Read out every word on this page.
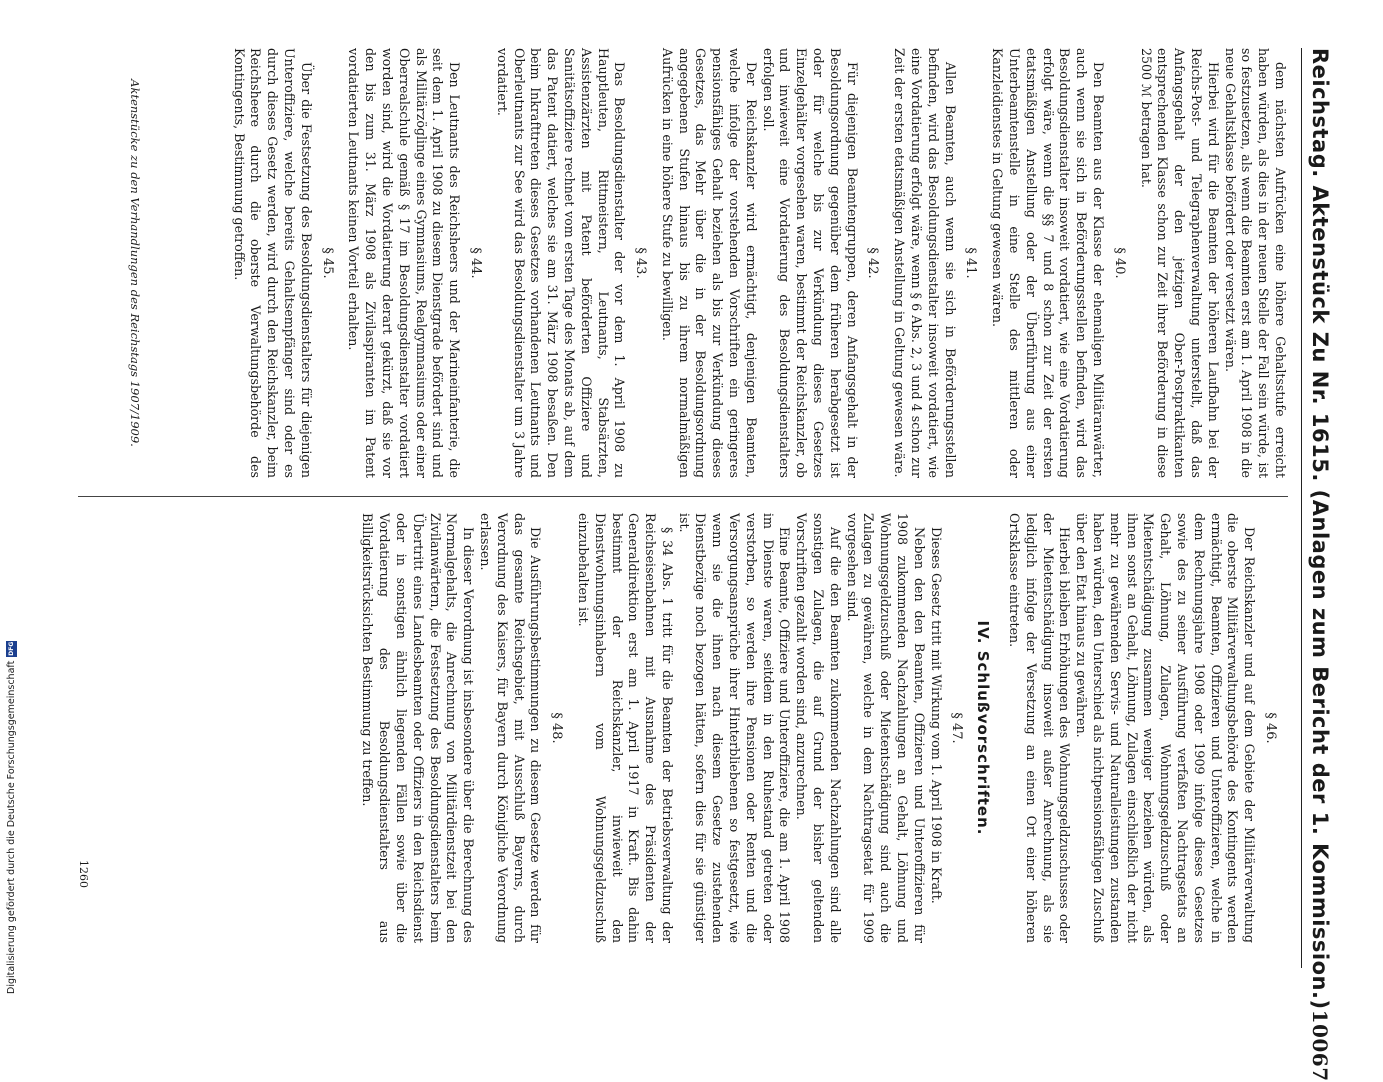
Reichstag. Aktenstück Zu Nr. 1615. (Anlagen zum Bericht der 1. Kommission.)
10067

dem nächsten Aufrücken eine höhere Gehaltsstufe erreicht haben würden, als dies in der neuen Stelle der Fall sein würde, ist so festzusetzen, als wenn die Beamten erst am 1. April 1908 in die neue Gehaltsklasse befördert oder versetzt wären.

Hierbei wird für die Beamten der höheren Laufbahn bei der Reichs-Post- und Telegraphenverwaltung unterstellt, daß das Anfangsgehalt der den jetzigen Ober-Postpraktikanten entsprechenden Klasse schon zur Zeit ihrer Beförderung in diese 2500 ℳ betragen hat.

§ 40.

Den Beamten aus der Klasse der ehemaligen Militäranwärter, auch wenn sie sich in Beförderungsstellen befinden, wird das Besoldungsdienstalter insoweit vordatiert, wie eine Vordatierung erfolgt wäre, wenn die §§ 7 und 8 schon zur Zeit der ersten etatsmäßigen Anstellung oder der Überführung aus einer Unterbeamtenstelle in eine Stelle des mittleren oder Kanzleidienstes in Geltung gewesen wären.

§ 41.

Allen Beamten, auch wenn sie sich in Beförderungsstellen befinden, wird das Besoldungsdienstalter insoweit vordatiert, wie eine Vordatierung erfolgt wäre, wenn § 6 Abs. 2, 3 und 4 schon zur Zeit der ersten etatsmäßigen Anstellung in Geltung gewesen wäre.

§ 42.

Für diejenigen Beamtengruppen, deren Anfangsgehalt in der Besoldungsordnung gegenüber dem früheren herabgesetzt ist oder für welche bis zur Verkündung dieses Gesetzes Einzelgehälter vorgesehen waren, bestimmt der Reichskanzler, ob und inwieweit eine Vordatierung des Besoldungsdienstalters erfolgen soll.

Der Reichskanzler wird ermächtigt, denjenigen Beamten, welche infolge der vorstehenden Vorschriften ein geringeres pensionsfähiges Gehalt beziehen als bis zur Verkündung dieses Gesetzes, das Mehr über die in der Besoldungsordnung angegebenen Stufen hinaus bis zu ihrem normalmäßigen Aufrücken in eine höhere Stufe zu bewilligen.

§ 43.

Das Besoldungsdienstalter der vor dem 1. April 1908 zu Hauptleuten, Rittmeistern, Leutnants, Stabsärzten, Assistenzärzten mit Patent beförderten Offiziere und Sanitätsoffiziere rechnet vom ersten Tage des Monats ab, auf dem das Patent datiert, welches sie am 31. März 1908 besaßen. Den beim Inkrafttreten dieses Gesetzes vorhandenen Leutnants und Oberleutnants zur See wird das Besoldungsdienstalter um 3 Jahre vordatiert.

§ 44.

Den Leutnants des Reichsheers und der Marineinfanterie, die seit dem 1. April 1908 zu diesem Dienstgrade befördert sind und als Militärzöglinge eines Gymnasiums, Realgymnasiums oder einer Oberrealschule gemäß § 17 im Besoldungsdienstalter vordatiert worden sind, wird die Vordatierung derart gekürzt, daß sie vor den bis zum 31. März 1908 als Zivilaspiranten im Patent vordatierten Leutnants keinen Vorteil erhalten.

§ 45.

Über die Festsetzung des Besoldungsdienstalters für diejenigen Unteroffiziere, welche bereits Gehaltsempfänger sind oder es durch dieses Gesetz werden, wird durch den Reichskanzler, beim Reichsheere durch die oberste Verwaltungsbehörde des Kontingents, Bestimmung getroffen.

Aktenstücke zu den Verhandlungen des Reichstags 1907/1909.
§ 46.

Der Reichskanzler und auf dem Gebiete der Militärverwaltung die oberste Militärverwaltungsbehörde des Kontingents werden ermächtigt, Beamten, Offizieren und Unteroffizieren, welche in dem Rechnungsjahre 1908 oder 1909 infolge dieses Gesetzes sowie des zu seiner Ausführung verfaßten Nachtragsetats an Gehalt, Löhnung, Zulagen, Wohnungsgeldzuschuß oder Mietentschädigung zusammen weniger beziehen würden, als ihnen sonst an Gehalt, Löhnung, Zulagen einschließlich der nicht mehr zu gewährenden Servis- und Naturalleistungen zustanden haben würden, den Unterschied als nichtpensionsfähigen Zuschuß über den Etat hinaus zu gewähren.

Hierbei bleiben Erhöhungen des Wohnungsgeldzuschusses oder der Mietentschädigung insoweit außer Anrechnung, als sie lediglich infolge der Versetzung an einen Ort einer höheren Ortsklasse eintreten.

IV. Schlußvorschriften.
§ 47.

Dieses Gesetz tritt mit Wirkung vom 1. April 1908 in Kraft.

Neben den den Beamten, Offizieren und Unteroffizieren für 1908 zukommenden Nachzahlungen an Gehalt, Löhnung und Wohnungsgeldzuschuß oder Mietentschädigung sind auch die Zulagen zu gewähren, welche in dem Nachtragsetat für 1909 vorgesehen sind.

Auf die den Beamten zukommenden Nachzahlungen sind alle sonstigen Zulagen, die auf Grund der bisher geltenden Vorschriften gezahlt worden sind, anzurechnen.

Eine Beamte, Offiziere und Unteroffiziere, die am 1. April 1908 im Dienste waren, seitdem in den Ruhestand getreten oder verstorben, so werden ihre Pensionen oder Renten und die Versorgungsansprüche ihrer Hinterbliebenen so festgesetzt, wie wenn sie die ihnen nach diesem Gesetze zustehenden Dienstbezüge noch bezogen hätten, sofern dies für sie günstiger ist.

§ 34 Abs. 1 tritt für die Beamten der Betriebsverwaltung der Reichseisenbahnen mit Ausnahme des Präsidenten der Generaldirektion erst am 1. April 1917 in Kraft. Bis dahin bestimmt der Reichskanzler, inwieweit den Dienstwohnungsinhabern vom Wohnungsgeldzuschuß einzubehalten ist.

§ 48.

Die Ausführungsbestimmungen zu diesem Gesetze werden für das gesamte Reichsgebiet, mit Ausschluß Bayerns, durch Verordnung des Kaisers, für Bayern durch Königliche Verordnung erlassen.

In dieser Verordnung ist insbesondere über die Berechnung des Normalgehalts, die Anrechnung von Militärdienstzeit bei den Zivilanwärtern, die Festsetzung des Besoldungsdienstalters beim Übertritt eines Landesbeamten oder Offiziers in den Reichsdienst oder in sonstigen ähnlich liegenden Fällen sowie über die Vordatierung des Besoldungsdienstalters aus Billigkeitsrücksichten Bestimmung zu treffen.

1260
Digitalisierung gefördert durch die Deutsche Forschungsgemeinschaft
DFG
